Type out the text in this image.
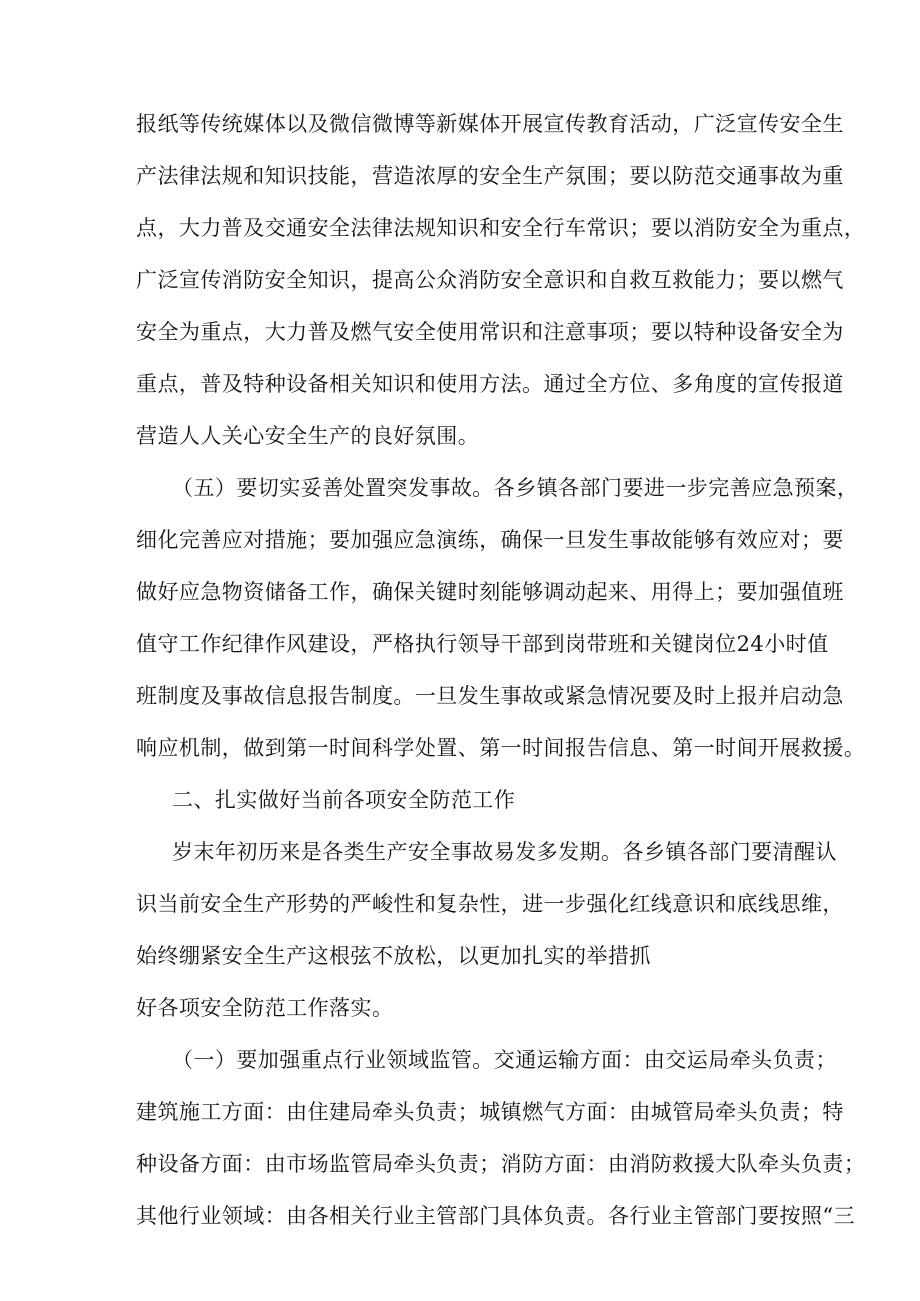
报纸等传统媒体以及微信微博等新媒体开展宣传教育活动，广泛宣传安全生
产法律法规和知识技能，营造浓厚的安全生产氛围；要以防范交通事故为重
点，大力普及交通安全法律法规知识和安全行车常识；要以消防安全为重点，
广泛宣传消防安全知识，提高公众消防安全意识和自救互救能力；要以燃气
安全为重点，大力普及燃气安全使用常识和注意事项；要以特种设备安全为
重点，普及特种设备相关知识和使用方法。通过全方位、多角度的宣传报道
营造人人关心安全生产的良好氛围。
（五）要切实妥善处置突发事故。各乡镇各部门要进一步完善应急预案，
细化完善应对措施；要加强应急演练，确保一旦发生事故能够有效应对；要
做好应急物资储备工作，确保关键时刻能够调动起来、用得上；要加强值班
值守工作纪律作风建设，严格执行领导干部到岗带班和关键岗位24小时值
班制度及事故信息报告制度。一旦发生事故或紧急情况要及时上报并启动急
响应机制，做到第一时间科学处置、第一时间报告信息、第一时间开展救援。
二、扎实做好当前各项安全防范工作
岁末年初历来是各类生产安全事故易发多发期。各乡镇各部门要清醒认
识当前安全生产形势的严峻性和复杂性，进一步强化红线意识和底线思维，
始终绷紧安全生产这根弦不放松，以更加扎实的举措抓
好各项安全防范工作落实。
（一）要加强重点行业领域监管。交通运输方面：由交运局牵头负责；
建筑施工方面：由住建局牵头负责；城镇燃气方面：由城管局牵头负责；特
种设备方面：由市场监管局牵头负责；消防方面：由消防救援大队牵头负责；
其他行业领域：由各相关行业主管部门具体负责。各行业主管部门要按照“三
